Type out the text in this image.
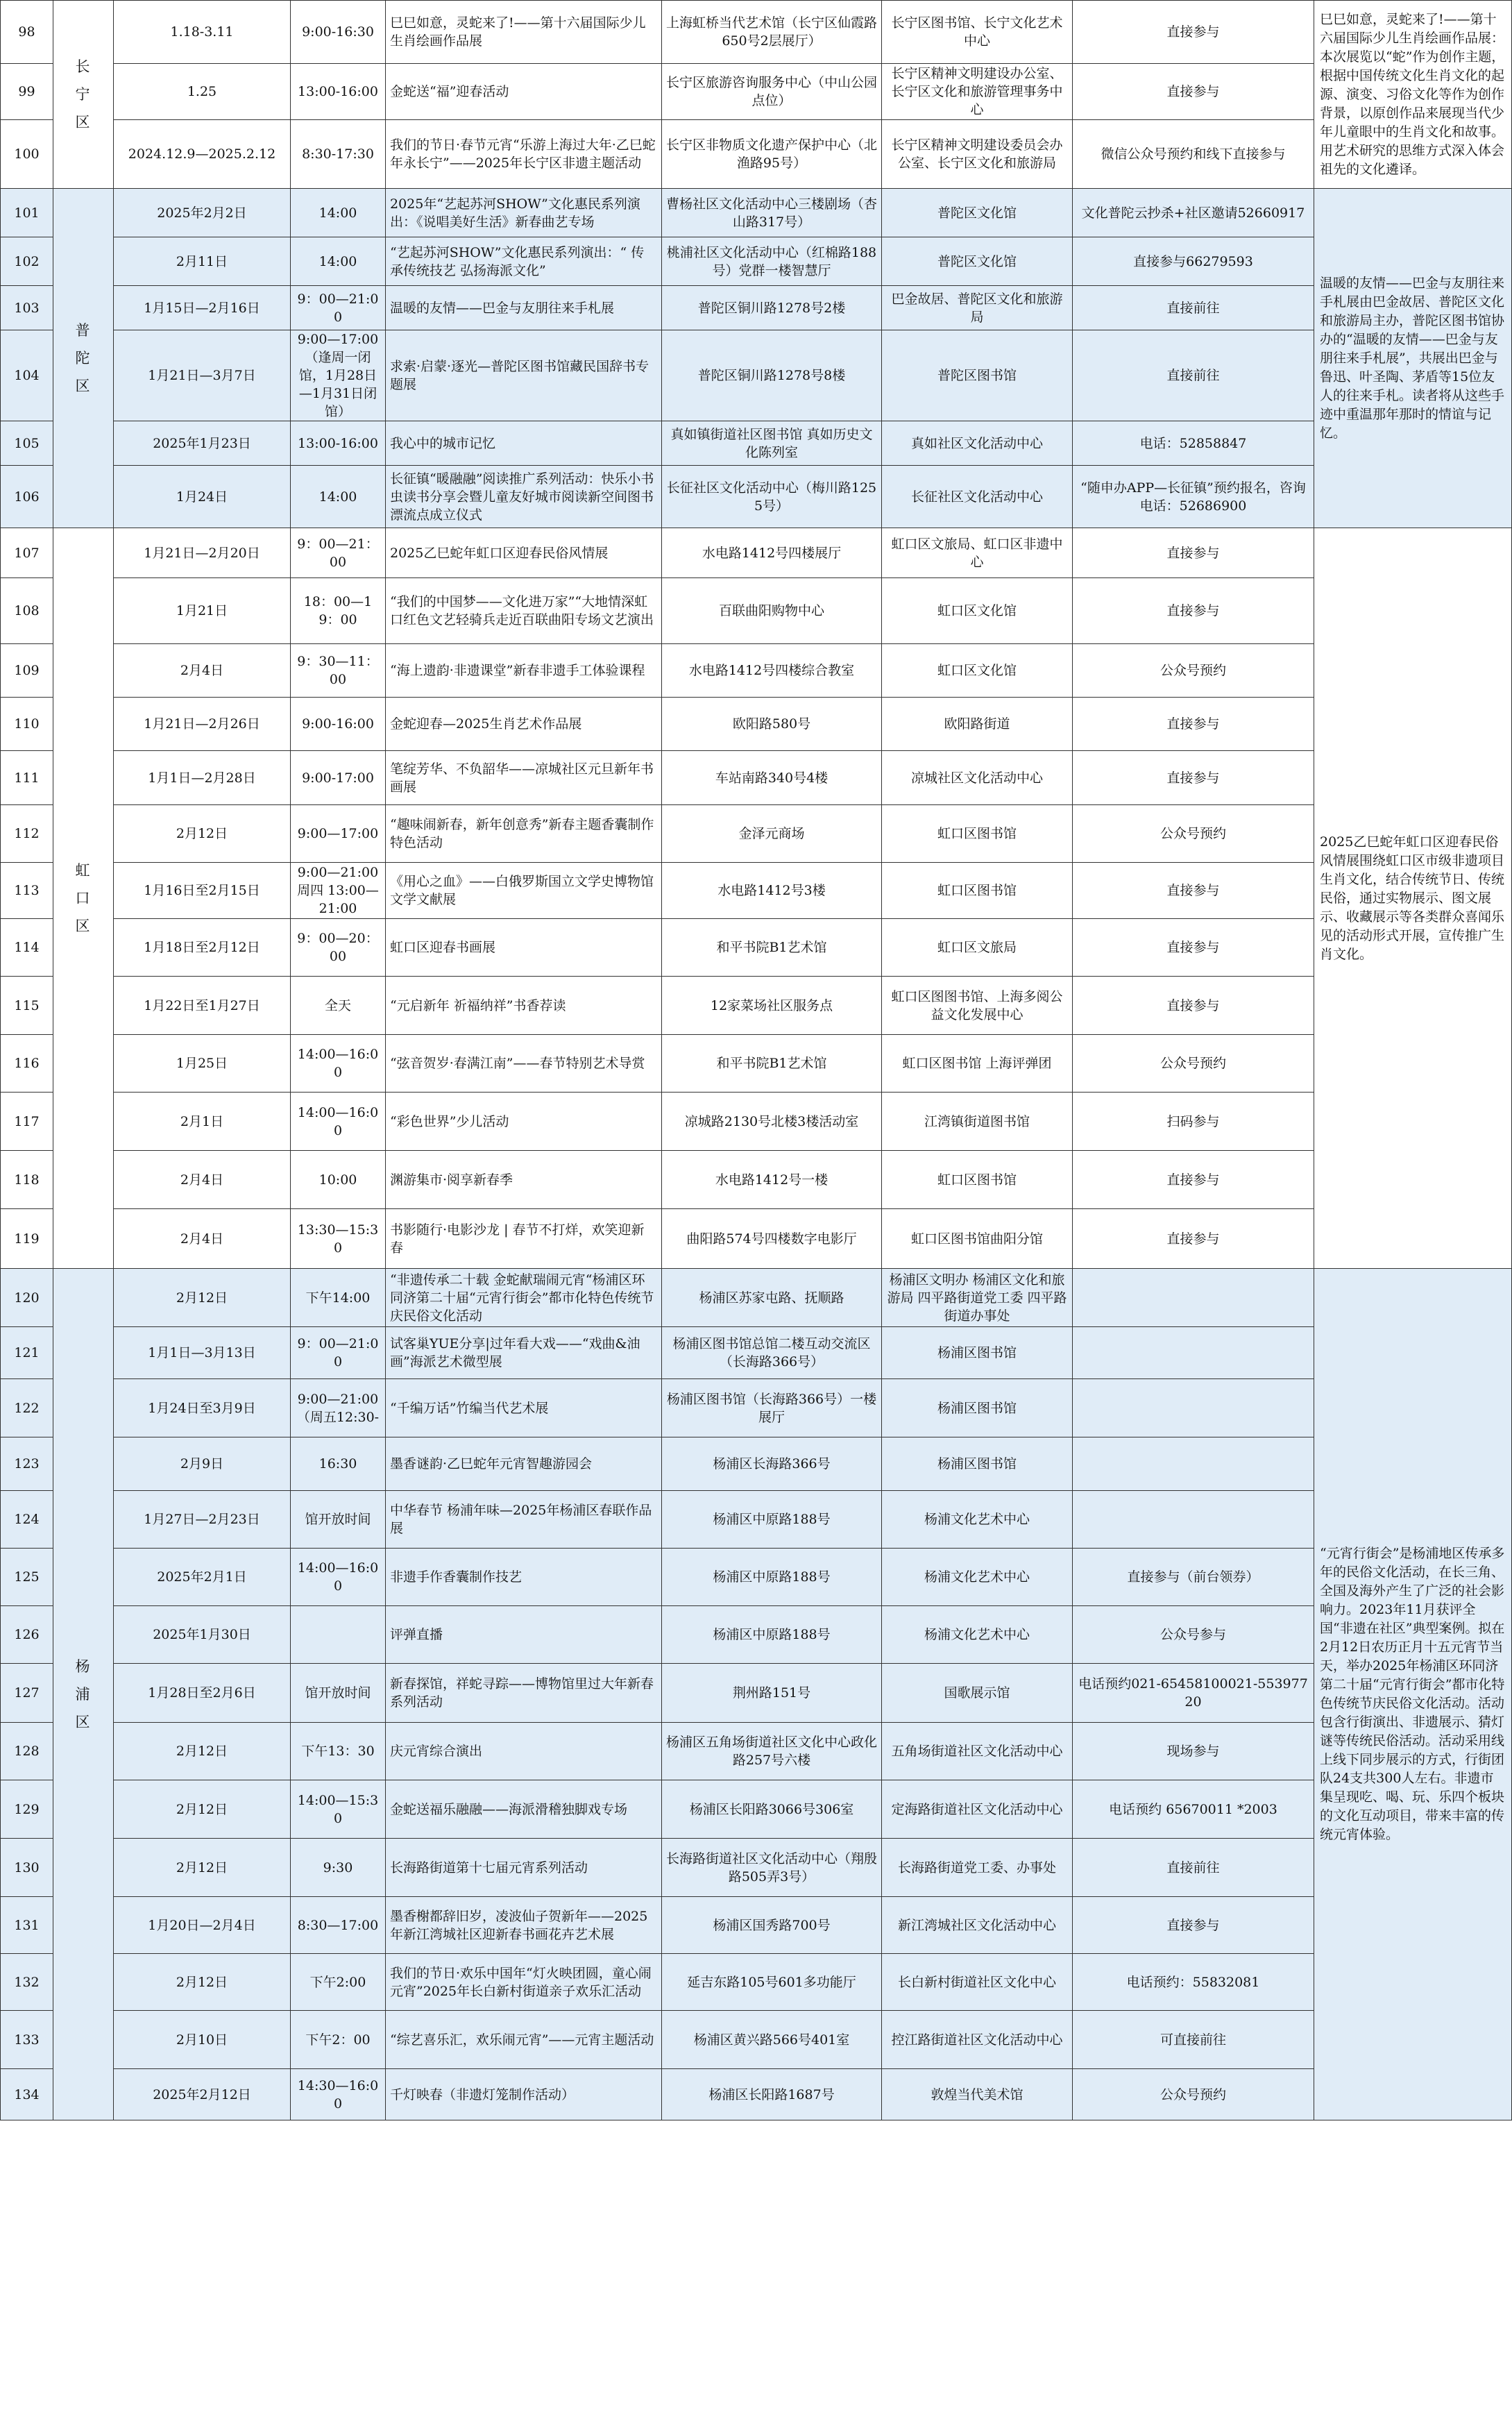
98	长宁区	1.18-3.11	9:00-16:30	巳巳如意，灵蛇来了!——第十六届国际少儿生肖绘画作品展	上海虹桥当代艺术馆（长宁区仙霞路650号2层展厅）	长宁区图书馆、长宁文化艺术中心	直接参与	巳巳如意，灵蛇来了!——第十六届国际少儿生肖绘画作品展：本次展览以“蛇”作为创作主题，根据中国传统文化生肖文化的起源、演变、习俗文化等作为创作背景，以原创作品来展现当代少年儿童眼中的生肖文化和故事。用艺术研究的思维方式深入体会祖先的文化遴译。
99		1.25	13:00-16:00	金蛇送“福”迎春活动	长宁区旅游咨询服务中心（中山公园点位）	长宁区精神文明建设办公室、长宁区文化和旅游管理事务中心	直接参与	
100		2024.12.9—2025.2.12	8:30-17:30	我们的节日·春节元宵“乐游上海过大年·乙巳蛇年永长宁”——2025年长宁区非遗主题活动	长宁区非物质文化遗产保护中心（北渔路95号）	长宁区精神文明建设委员会办公室、长宁区文化和旅游局	微信公众号预约和线下直接参与	
101	普陀区	2025年2月2日	14:00	2025年“艺起苏河SHOW”文化惠民系列演出：《说唱美好生活》新春曲艺专场	曹杨社区文化活动中心三楼剧场（杏山路317号）	普陀区文化馆	文化普陀云抄杀+社区邀请52660917	温暖的友情——巴金与友朋往来手札展由巴金故居、普陀区文化和旅游局主办，普陀区图书馆协办的“温暖的友情——巴金与友朋往来手札展”，共展出巴金与鲁迅、叶圣陶、茅盾等15位友人的往来手札。读者将从这些手迹中重温那年那时的情谊与记忆。
102		2月11日	14:00	“艺起苏河SHOW”文化惠民系列演出：“ 传承传统技艺 弘扬海派文化”	桃浦社区文化活动中心（红棉路188号）党群一楼智慧厅	普陀区文化馆	直接参与66279593	
103		1月15日—2月16日	9：00—21:00	温暖的友情——巴金与友朋往来手札展	普陀区铜川路1278号2楼	巴金故居、普陀区文化和旅游局	直接前往	
104		1月21日—3月7日	9:00—17:00（逢周一闭馆，1月28日—1月31日闭馆）	求索·启蒙·逐光—普陀区图书馆藏民国辞书专题展	普陀区铜川路1278号8楼	普陀区图书馆	直接前往	
105		2025年1月23日	13:00-16:00	我心中的城市记忆	真如镇街道社区图书馆 真如历史文化陈列室	真如社区文化活动中心	电话：52858847	
106		1月24日	14:00	长征镇“暖融融”阅读推广系列活动：快乐小书虫读书分享会暨儿童友好城市阅读新空间图书漂流点成立仪式	长征社区文化活动中心（梅川路1255号）	长征社区文化活动中心	“随申办APP—长征镇”预约报名，咨询电话：52686900	
107	虹口区	1月21日—2月20日	9：00—21：00	2025乙巳蛇年虹口区迎春民俗风情展	水电路1412号四楼展厅	虹口区文旅局、虹口区非遗中心	直接参与	2025乙巳蛇年虹口区迎春民俗风情展围绕虹口区市级非遗项目生肖文化，结合传统节日、传统民俗，通过实物展示、图文展示、收藏展示等各类群众喜闻乐见的活动形式开展，宣传推广生肖文化。
108		1月21日	18：00—19：00	“我们的中国梦——文化进万家”“大地情深虹口红色文艺轻骑兵走近百联曲阳专场文艺演出	百联曲阳购物中心	虹口区文化馆	直接参与	
109		2月4日	9：30—11：00	“海上遗韵·非遗课堂”新春非遗手工体验课程	水电路1412号四楼综合教室	虹口区文化馆	公众号预约	
110		1月21日—2月26日	9:00-16:00	金蛇迎春—2025生肖艺术作品展	欧阳路580号	欧阳路街道	直接参与	
111		1月1日—2月28日	9:00-17:00	笔绽芳华、不负韶华——凉城社区元旦新年书画展	车站南路340号4楼	凉城社区文化活动中心	直接参与	
112		2月12日	9:00—17:00	“趣味闹新春，新年创意秀”新春主题香囊制作特色活动	金泽元商场	虹口区图书馆	公众号预约	
113		1月16日至2月15日	9:00—21:00 周四 13:00—21:00	《用心之血》——白俄罗斯国立文学史博物馆文学文献展	水电路1412号3楼	虹口区图书馆	直接参与	
114		1月18日至2月12日	9：00—20：00	虹口区迎春书画展	和平书院B1艺术馆	虹口区文旅局	直接参与	
115		1月22日至1月27日	全天	“元启新年 祈福纳祥”书香荐读	12家菜场社区服务点	虹口区图图书馆、上海多阅公益文化发展中心	直接参与	
116		1月25日	14:00—16:00	“弦音贺岁·春满江南”——春节特别艺术导赏	和平书院B1艺术馆	虹口区图书馆 上海评弹团	公众号预约	
117		2月1日	14:00—16:00	“彩色世界”少儿活动	凉城路2130号北楼3楼活动室	江湾镇街道图书馆	扫码参与	
118		2月4日	10:00	渊游集市·阅享新春季	水电路1412号一楼	虹口区图书馆	直接参与	
119		2月4日	13:30—15:30	书影随行·电影沙龙 | 春节不打烊，欢笑迎新春	曲阳路574号四楼数字电影厅	虹口区图书馆曲阳分馆	直接参与	
120	杨浦区	2月12日	下午14:00	“非遗传承二十载 金蛇献瑞闹元宵“杨浦区环同济第二十届“元宵行街会”都市化特色传统节庆民俗文化活动	杨浦区苏家屯路、抚顺路	杨浦区文明办 杨浦区文化和旅游局 四平路街道党工委 四平路街道办事处		“元宵行街会”是杨浦地区传承多年的民俗文化活动，在长三角、全国及海外产生了广泛的社会影响力。2023年11月获评全国“非遗在社区”典型案例。拟在2月12日农历正月十五元宵节当天，举办2025年杨浦区环同济第二十届“元宵行街会”都市化特色传统节庆民俗文化活动。活动包含行街演出、非遗展示、猜灯谜等传统民俗活动。活动采用线上线下同步展示的方式，行街团队24支共300人左右。非遗市集呈现吃、喝、玩、乐四个板块的文化互动项目，带来丰富的传统元宵体验。
121		1月1日—3月13日	9：00—21:00	试客巢YUE分享|过年看大戏——“戏曲&油画”海派艺术微型展	杨浦区图书馆总馆二楼互动交流区（长海路366号）	杨浦区图书馆		
122		1月24日至3月9日	9:00—21:00（周五12:30-	“千编万话”竹编当代艺术展	杨浦区图书馆（长海路366号）一楼展厅	杨浦区图书馆		
123		2月9日	16:30	墨香谜韵·乙巳蛇年元宵智趣游园会	杨浦区长海路366号	杨浦区图书馆		
124		1月27日—2月23日	馆开放时间	中华春节 杨浦年味—2025年杨浦区春联作品展	杨浦区中原路188号	杨浦文化艺术中心		
125		2025年2月1日	14:00—16:00	非遗手作香囊制作技艺	杨浦区中原路188号	杨浦文化艺术中心	直接参与（前台领券）	
126		2025年1月30日		评弹直播	杨浦区中原路188号	杨浦文化艺术中心	公众号参与	
127		1月28日至2月6日	馆开放时间	新春探馆，祥蛇寻踪——博物馆里过大年新春系列活动	荆州路151号	国歌展示馆	电话预约021-65458100021-55397720	
128		2月12日	下午13：30	庆元宵综合演出	杨浦区五角场街道社区文化中心政化路257号六楼	五角场街道社区文化活动中心	现场参与	
129		2月12日	14:00—15:30	金蛇送福乐融融——海派滑稽独脚戏专场	杨浦区长阳路3066号306室	定海路街道社区文化活动中心	电话预约 65670011 *2003	
130		2月12日	9:30	长海路街道第十七届元宵系列活动	长海路街道社区文化活动中心（翔殷路505弄3号）	长海路街道党工委、办事处	直接前往	
131		1月20日—2月4日	8:30—17:00	墨香榭都辞旧岁，凌波仙子贺新年——2025年新江湾城社区迎新春书画花卉艺术展	杨浦区国秀路700号	新江湾城社区文化活动中心	直接参与	
132		2月12日	下午2:00	我们的节日·欢乐中国年“灯火映团圆，童心闹元宵”2025年长白新村街道亲子欢乐汇活动	延吉东路105号601多功能厅	长白新村街道社区文化中心	电话预约：55832081	
133		2月10日	下午2：00	“综艺喜乐汇，欢乐闹元宵”——元宵主题活动	杨浦区黄兴路566号401室	控江路街道社区文化活动中心	可直接前往	
134		2025年2月12日	14:30—16:00	千灯映春（非遗灯笼制作活动）	杨浦区长阳路1687号	敦煌当代美术馆	公众号预约	
